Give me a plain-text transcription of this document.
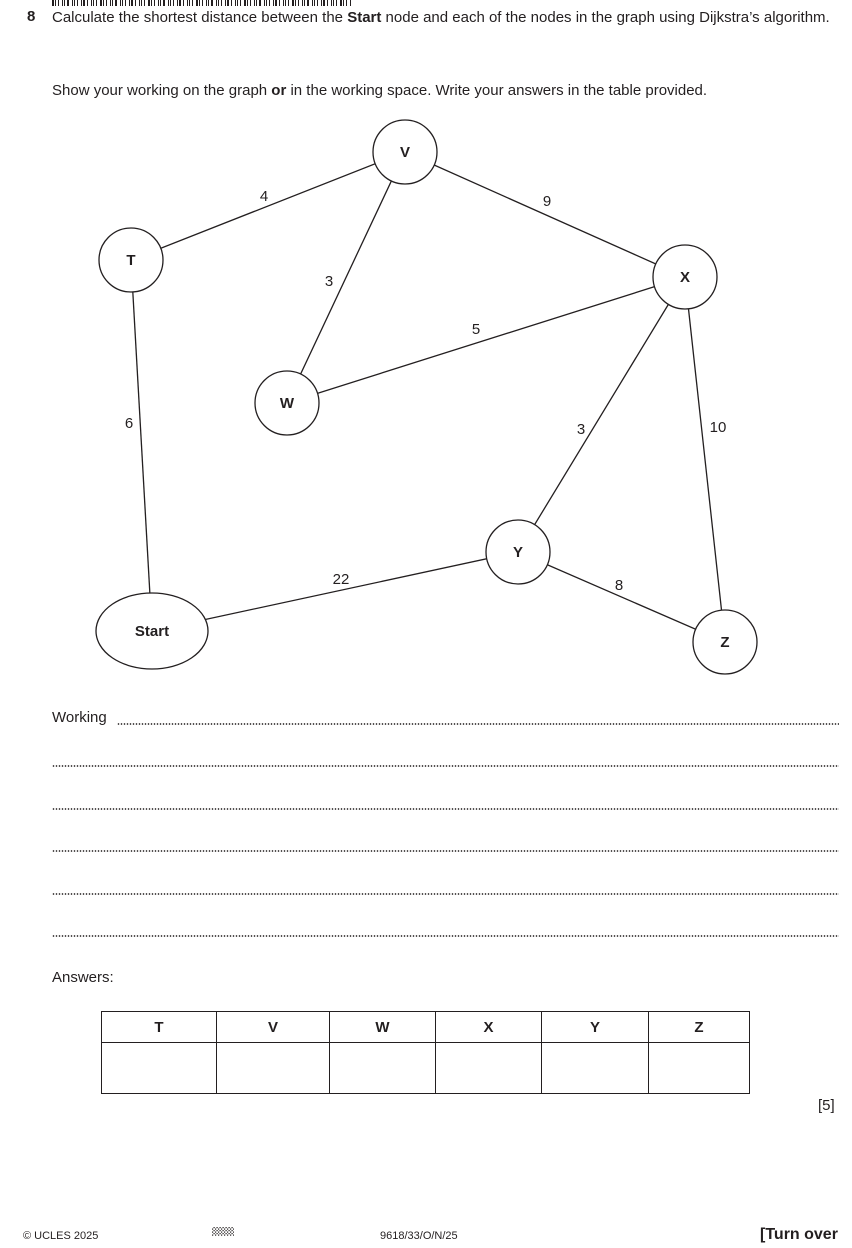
8 Calculate the shortest distance between the Start node and each of the nodes in the graph using Dijkstra’s algorithm.
Show your working on the graph or in the working space. Write your answers in the table provided.
4	9
3
5
6	3	10
22	8
V
T
X
W
Y
Start
Z
Working
Answers:
T	V	W	X	Y	Z

[5]
© UCLES 2025	9618/33/O/N/25	[Turn over
